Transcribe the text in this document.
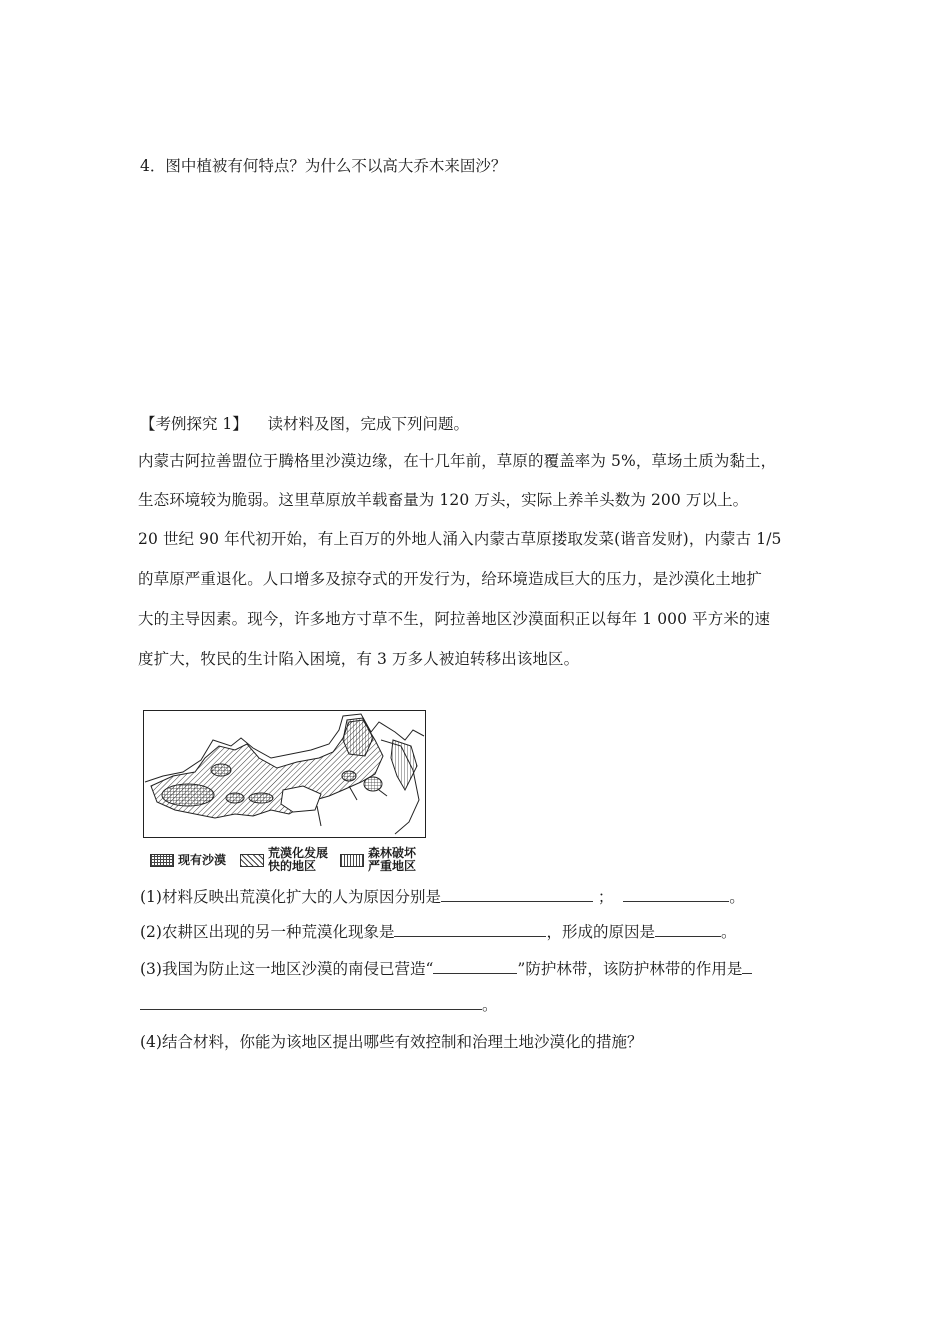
4．图中植被有何特点？为什么不以高大乔木来固沙？
【考例探究 1】 读材料及图，完成下列问题。
内蒙古阿拉善盟位于腾格里沙漠边缘，在十几年前，草原的覆盖率为 5%，草场土质为黏土，
生态环境较为脆弱。这里草原放羊载畜量为 120 万头，实际上养羊头数为 200 万以上。
20 世纪 90 年代初开始，有上百万的外地人涌入内蒙古草原搂取发菜(谐音发财)，内蒙古 1/5
的草原严重退化。人口增多及掠夺式的开发行为，给环境造成巨大的压力，是沙漠化土地扩
大的主导因素。现今，许多地方寸草不生，阿拉善地区沙漠面积正以每年 1 000 平方米的速
度扩大，牧民的生计陷入困境，有 3 万多人被迫转移出该地区。
现有沙漠	荒漠化发展
快的地区
森林破坏
严重地区
(1)材料反映出荒漠化扩大的人为原因分别是	；	。
(2)农耕区出现的另一种荒漠化现象是	，形成的原因是	。
(3)我国为防止这一地区沙漠的南侵已营造“	”防护林带，该防护林带的作用是
。
(4)结合材料，你能为该地区提出哪些有效控制和治理土地沙漠化的措施？
